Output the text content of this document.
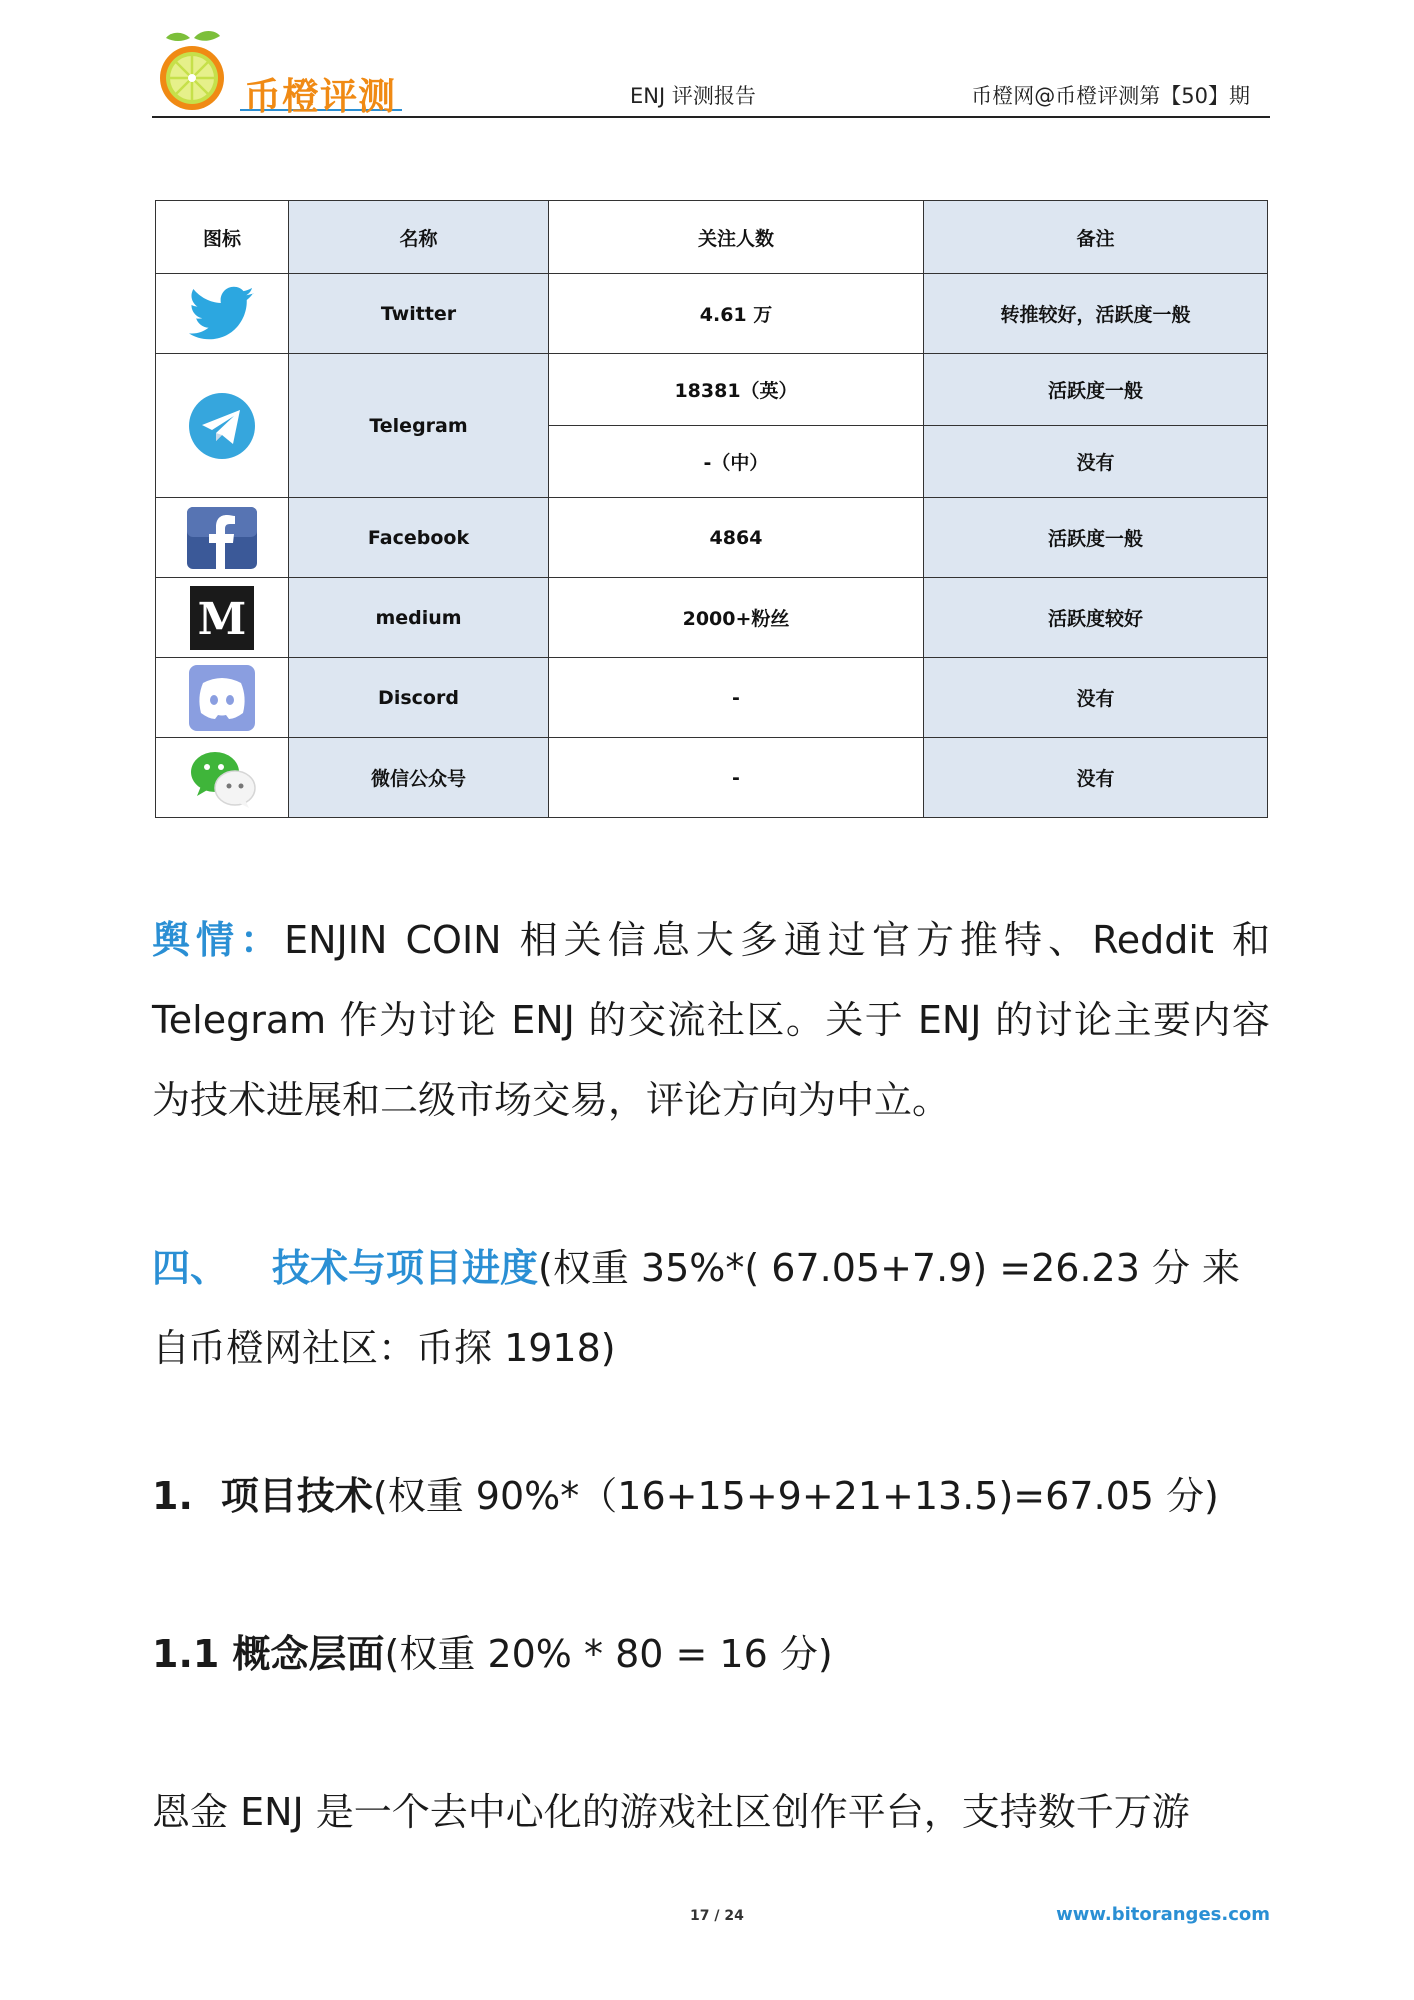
币橙评测	ENJ 评测报告	币橙网@币橙评测第【50】期
图标	名称	关注人数	备注

	Twitter	4.61 万	转推较好，活跃度一般

	Telegram	18381（英）	活跃度一般
		-（中）	没有

	Facebook	4864	活跃度一般

M	medium	2000+粉丝	活跃度较好

	Discord	-	没有

	微信公众号	-	没有
舆情：ENJIN COIN 相关信息大多通过官方推特、Reddit 和 Telegram 作为讨论 ENJ 的交流社区。关于 ENJ 的讨论主要内容为技术进展和二级市场交易，评论方向为中立。
四、 技术与项目进度(权重 35%*( 67.05+7.9) =26.23 分 来自
币橙网社区：币探 1918)
1. 项目技术(权重 90%*（16+15+9+21+13.5)=67.05 分)
1.1 概念层面(权重 20% * 80 = 16 分)
恩金 ENJ 是一个去中心化的游戏社区创作平台，支持数千万游
17 / 24	www.bitoranges.com
